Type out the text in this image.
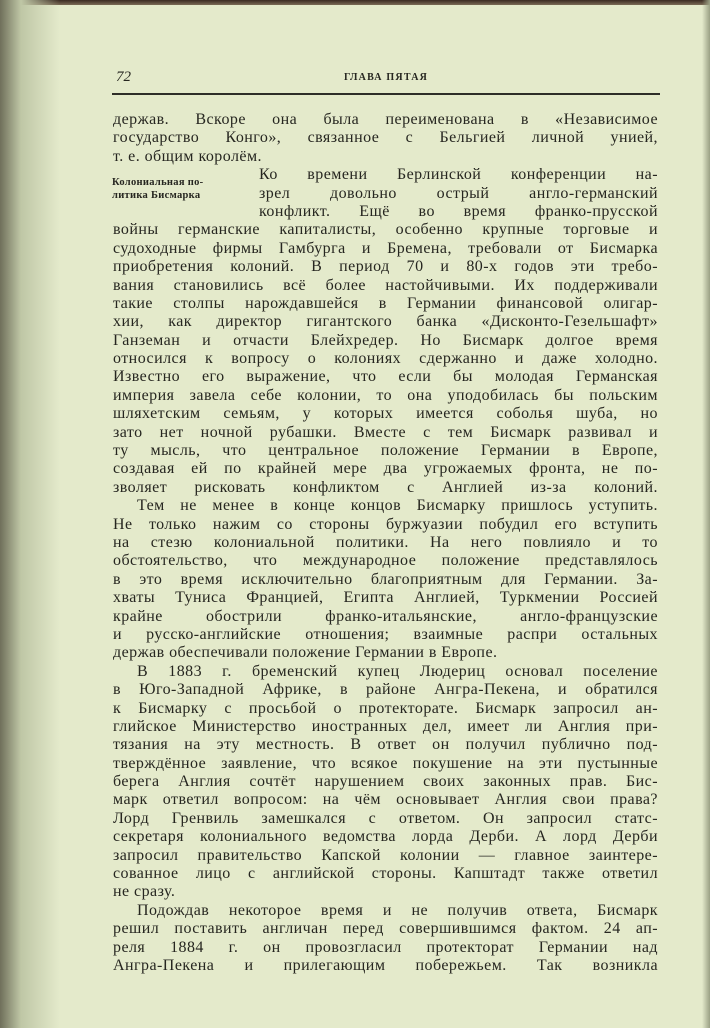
72	ГЛАВА ПЯТАЯ
Колониальная по-
литика Бисмарка
держав. Вскоре она была переименована в «Независимое
государство Конго», связанное с Бельгией личной унией,
т. е. общим королём.
Ко времени Берлинской конференции на-
зрел довольно острый англо-германский
конфликт. Ещё во время франко-прусской
войны германские капиталисты, особенно крупные торговые и
судоходные фирмы Гамбурга и Бремена, требовали от Бисмарка
приобретения колоний. В период 70 и 80-х годов эти требо-
вания становились всё более настойчивыми. Их поддерживали
такие столпы нарождавшейся в Германии финансовой олигар-
хии, как директор гигантского банка «Дисконто-Гезельшафт»
Ганземан и отчасти Блейхредер. Но Бисмарк долгое время
относился к вопросу о колониях сдержанно и даже холодно.
Известно его выражение, что если бы молодая Германская
империя завела себе колонии, то она уподобилась бы польским
шляхетским семьям, у которых имеется соболья шуба, но
зато нет ночной рубашки. Вместе с тем Бисмарк развивал и
ту мысль, что центральное положение Германии в Европе,
создавая ей по крайней мере два угрожаемых фронта, не по-
зволяет рисковать конфликтом с Англией из-за колоний.
Тем не менее в конце концов Бисмарку пришлось уступить.
Не только нажим со стороны буржуазии побудил его вступить
на стезю колониальной политики. На него повлияло и то
обстоятельство, что международное положение представлялось
в это время исключительно благоприятным для Германии. За-
хваты Туниса Францией, Египта Англией, Туркмении Россией
крайне обострили франко-итальянские, англо-французские
и русско-английские отношения; взаимные распри остальных
держав обеспечивали положение Германии в Европе.
В 1883 г. бременский купец Людериц основал поселение
в Юго-Западной Африке, в районе Ангра-Пекена, и обратился
к Бисмарку с просьбой о протекторате. Бисмарк запросил ан-
глийское Министерство иностранных дел, имеет ли Англия при-
тязания на эту местность. В ответ он получил публично под-
тверждённое заявление, что всякое покушение на эти пустынные
берега Англия сочтёт нарушением своих законных прав. Бис-
марк ответил вопросом: на чём основывает Англия свои права?
Лорд Гренвиль замешкался с ответом. Он запросил статс-
секретаря колониального ведомства лорда Дерби. А лорд Дерби
запросил правительство Капской колонии — главное заинтере-
сованное лицо с английской стороны. Капштадт также ответил
не сразу.
Подождав некоторое время и не получив ответа, Бисмарк
решил поставить англичан перед совершившимся фактом. 24 ап-
реля 1884 г. он провозгласил протекторат Германии над
Ангра-Пекена и прилегающим побережьем. Так возникла
